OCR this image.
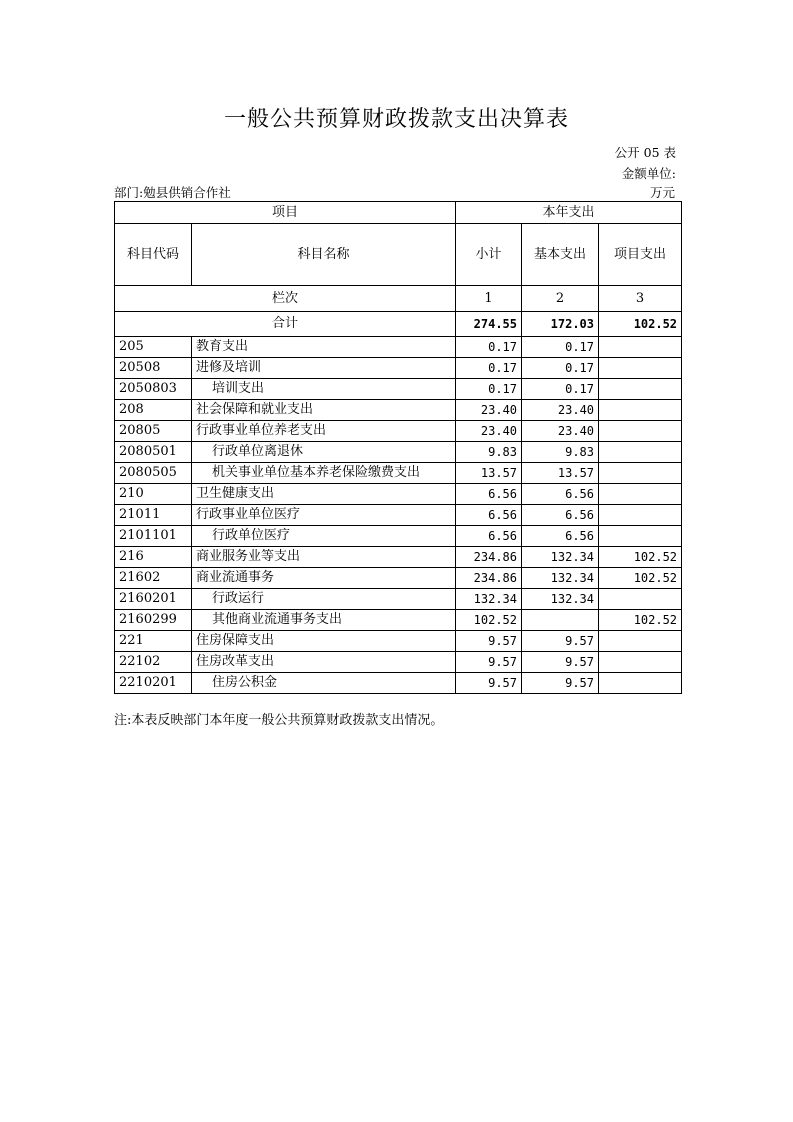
一般公共预算财政拨款支出决算表
公开 05 表
金额单位:
部门:勉县供销合作社	万元
项目		本年支出		
科目代码	科目名称	小计	基本支出	项目支出
栏次		1	2	3
合计		274.55	172.03	102.52
205	教育支出	0.17	0.17	
20508	进修及培训	0.17	0.17	
2050803	培训支出	0.17	0.17	
208	社会保障和就业支出	23.40	23.40	
20805	行政事业单位养老支出	23.40	23.40	
2080501	行政单位离退休	9.83	9.83	
2080505	机关事业单位基本养老保险缴费支出	13.57	13.57	
210	卫生健康支出	6.56	6.56	
21011	行政事业单位医疗	6.56	6.56	
2101101	行政单位医疗	6.56	6.56	
216	商业服务业等支出	234.86	132.34	102.52
21602	商业流通事务	234.86	132.34	102.52
2160201	行政运行	132.34	132.34	
2160299	其他商业流通事务支出	102.52		102.52
221	住房保障支出	9.57	9.57	
22102	住房改革支出	9.57	9.57	
2210201	住房公积金	9.57	9.57	
注:本表反映部门本年度一般公共预算财政拨款支出情况。
